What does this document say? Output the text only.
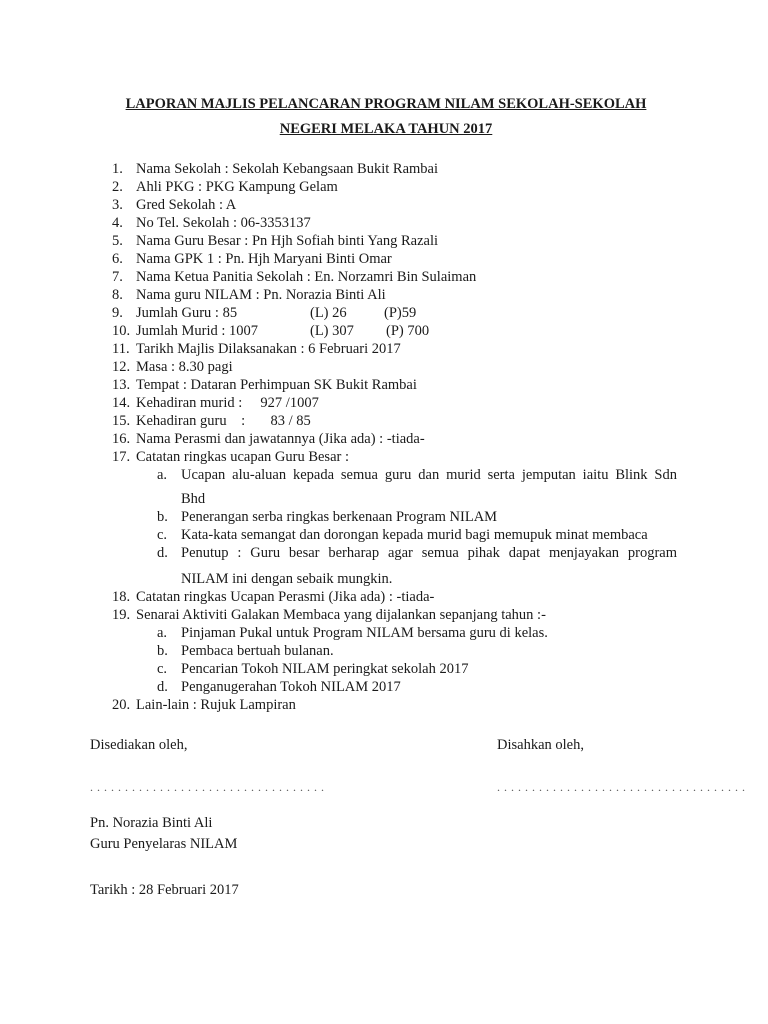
LAPORAN MAJLIS PELANCARAN PROGRAM NILAM SEKOLAH-SEKOLAH
NEGERI MELAKA TAHUN 2017
1. Nama Sekolah : Sekolah Kebangsaan Bukit Rambai
2. Ahli PKG : PKG Kampung Gelam
3. Gred Sekolah : A
4. No Tel. Sekolah : 06-3353137
5. Nama Guru Besar : Pn Hjh Sofiah binti Yang Razali
6. Nama GPK 1 : Pn. Hjh Maryani Binti Omar
7. Nama Ketua Panitia Sekolah : En. Norzamri Bin Sulaiman
8. Nama guru NILAM : Pn. Norazia Binti Ali
9. Jumlah Guru : 85	(L) 26	(P)59
10. Jumlah Murid : 1007	(L) 307 (P) 700
11. Tarikh Majlis Dilaksanakan : 6 Februari 2017
12. Masa : 8.30 pagi
13. Tempat : Dataran Perhimpuan SK Bukit Rambai
14. Kehadiran murid :     927 /1007
15. Kehadiran guru    :       83 / 85
16. Nama Perasmi dan jawatannya (Jika ada) : -tiada-
17. Catatan ringkas ucapan Guru Besar :
a. Ucapan alu-aluan kepada semua guru dan murid serta jemputan iaitu Blink Sdn
Bhd
b. Penerangan serba ringkas berkenaan Program NILAM
c. Kata-kata semangat dan dorongan kepada murid bagi memupuk minat membaca
d. Penutup  :  Guru  besar  berharap  agar  semua  pihak  dapat  menjayakan  program
NILAM ini dengan sebaik mungkin.
18. Catatan ringkas Ucapan Perasmi (Jika ada) : -tiada-
19. Senarai Aktiviti Galakan Membaca yang dijalankan sepanjang tahun :-
a. Pinjaman Pukal untuk Program NILAM bersama guru di kelas.
b. Pembaca bertuah bulanan.
c. Pencarian Tokoh NILAM peringkat sekolah 2017
d. Penganugerahan Tokoh NILAM 2017
20. Lain-lain : Rujuk Lampiran
Disediakan oleh,	Disahkan oleh,
. . . . . . . . . . . . . . . . . . . . . . . . . . . . . . . . . .	. . . . . . . . . . . . . . . . . . . . . . . . . . . . . . . . . . . .
Pn. Norazia Binti Ali
Guru Penyelaras NILAM
Tarikh : 28 Februari 2017
